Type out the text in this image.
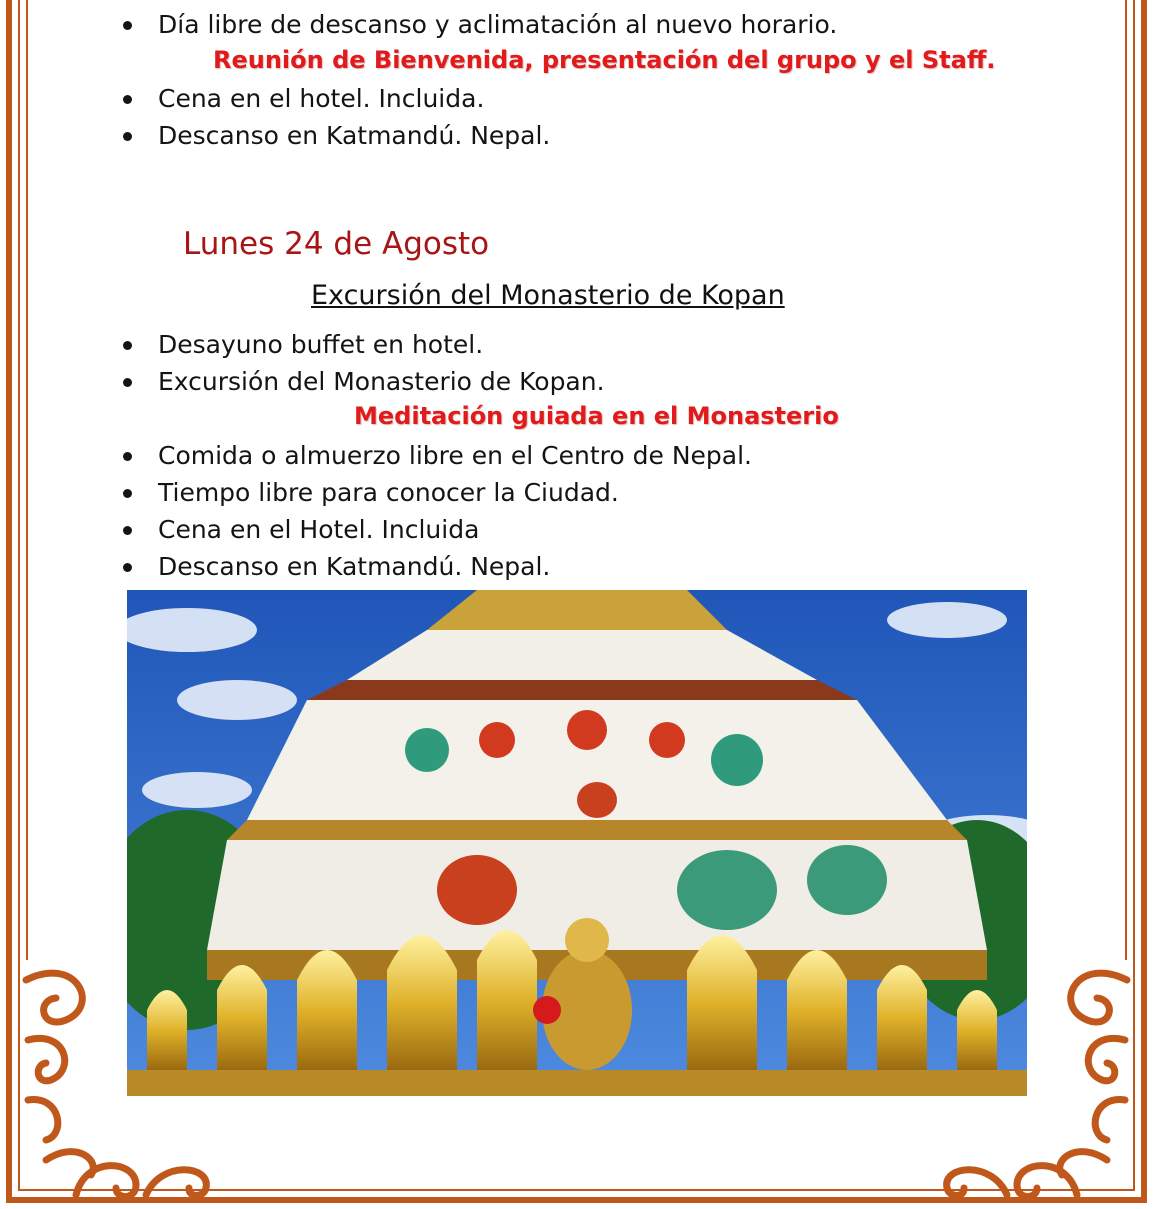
Día libre de descanso y aclimatación al nuevo horario.
Reunión de Bienvenida, presentación del grupo y el Staff.
Cena en el hotel. Incluida.
Descanso en Katmandú. Nepal.
Lunes 24 de Agosto
Excursión del Monasterio de Kopan
Desayuno buffet en hotel.
Excursión del Monasterio de Kopan.
Meditación guiada en el Monasterio
Comida o almuerzo libre en el Centro de Nepal.
Tiempo libre para conocer la Ciudad.
Cena en el Hotel. Incluida
Descanso en Katmandú. Nepal.
